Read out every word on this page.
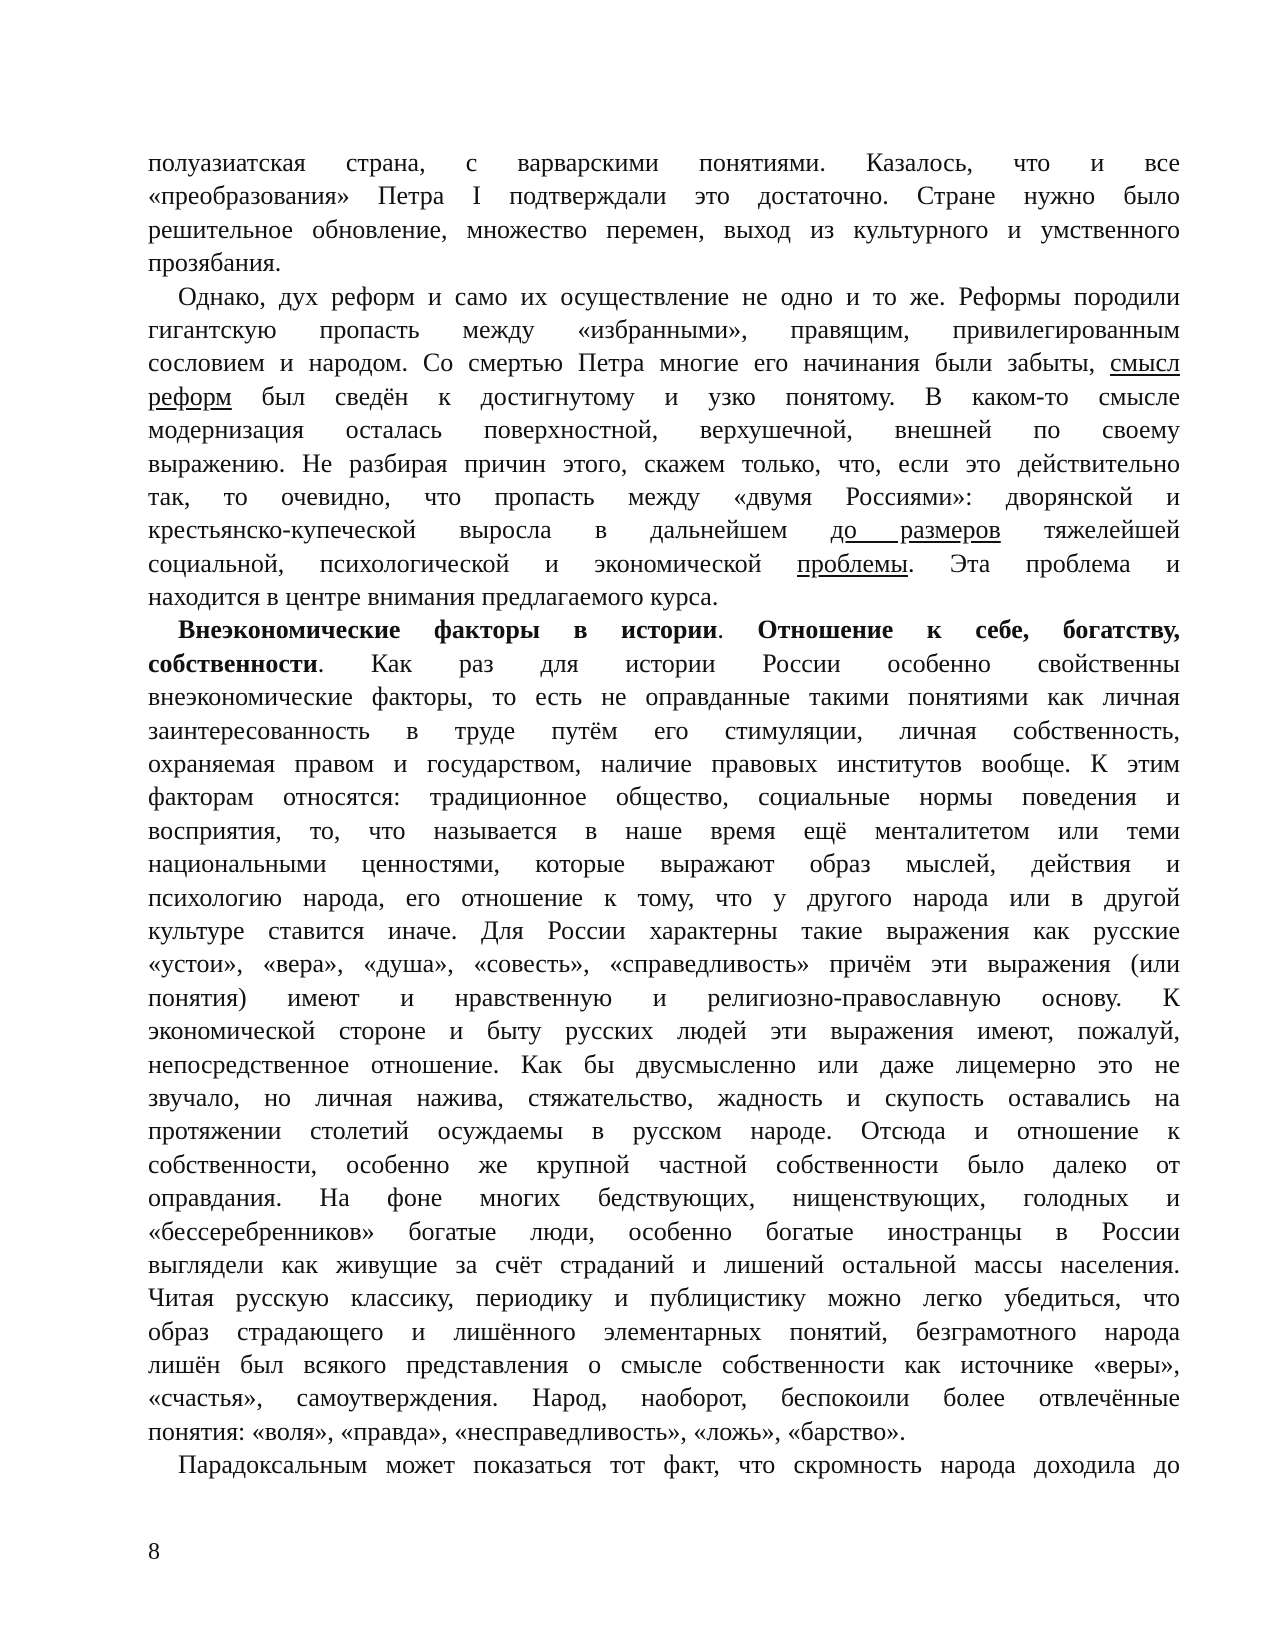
полуазиатская страна, с варварскими понятиями. Казалось, что и все
«преобразования» Петра I подтверждали это достаточно. Стране нужно было
решительное обновление, множество перемен, выход из культурного и умственного
прозябания.
Однако, дух реформ и само их осуществление не одно и то же. Реформы породили
гигантскую пропасть между «избранными», правящим, привилегированным
сословием и народом. Со смертью Петра многие его начинания были забыты, смысл
реформ был сведён к достигнутому и узко понятому. В каком-то смысле
модернизация осталась поверхностной, верхушечной, внешней по своему
выражению. Не разбирая причин этого, скажем только, что, если это действительно
так, то очевидно, что пропасть между «двумя Россиями»: дворянской и
крестьянско-купеческой выросла в дальнейшем до размеров тяжелейшей
социальной, психологической и экономической проблемы. Эта проблема и
находится в центре внимания предлагаемого курса.
Внеэкономические факторы в истории. Отношение к себе, богатству,
собственности. Как раз для истории России особенно свойственны
внеэкономические факторы, то есть не оправданные такими понятиями как личная
заинтересованность в труде путём его стимуляции, личная собственность,
охраняемая правом и государством, наличие правовых институтов вообще. К этим
факторам относятся: традиционное общество, социальные нормы поведения и
восприятия, то, что называется в наше время ещё менталитетом или теми
национальными ценностями, которые выражают образ мыслей, действия и
психологию народа, его отношение к тому, что у другого народа или в другой
культуре ставится иначе. Для России характерны такие выражения как русские
«устои», «вера», «душа», «совесть», «справедливость» причём эти выражения (или
понятия) имеют и нравственную и религиозно-православную основу. К
экономической стороне и быту русских людей эти выражения имеют, пожалуй,
непосредственное отношение. Как бы двусмысленно или даже лицемерно это не
звучало, но личная нажива, стяжательство, жадность и скупость оставались на
протяжении столетий осуждаемы в русском народе. Отсюда и отношение к
собственности, особенно же крупной частной собственности было далеко от
оправдания. На фоне многих бедствующих, нищенствующих, голодных и
«бессеребренников» богатые люди, особенно богатые иностранцы в России
выглядели как живущие за счёт страданий и лишений остальной массы населения.
Читая русскую классику, периодику и публицистику можно легко убедиться, что
образ страдающего и лишённого элементарных понятий, безграмотного народа
лишён был всякого представления о смысле собственности как источнике «веры»,
«счастья», самоутверждения. Народ, наоборот, беспокоили более отвлечённые
понятия: «воля», «правда», «несправедливость», «ложь», «барство».
Парадоксальным может показаться тот факт, что скромность народа доходила до
8
